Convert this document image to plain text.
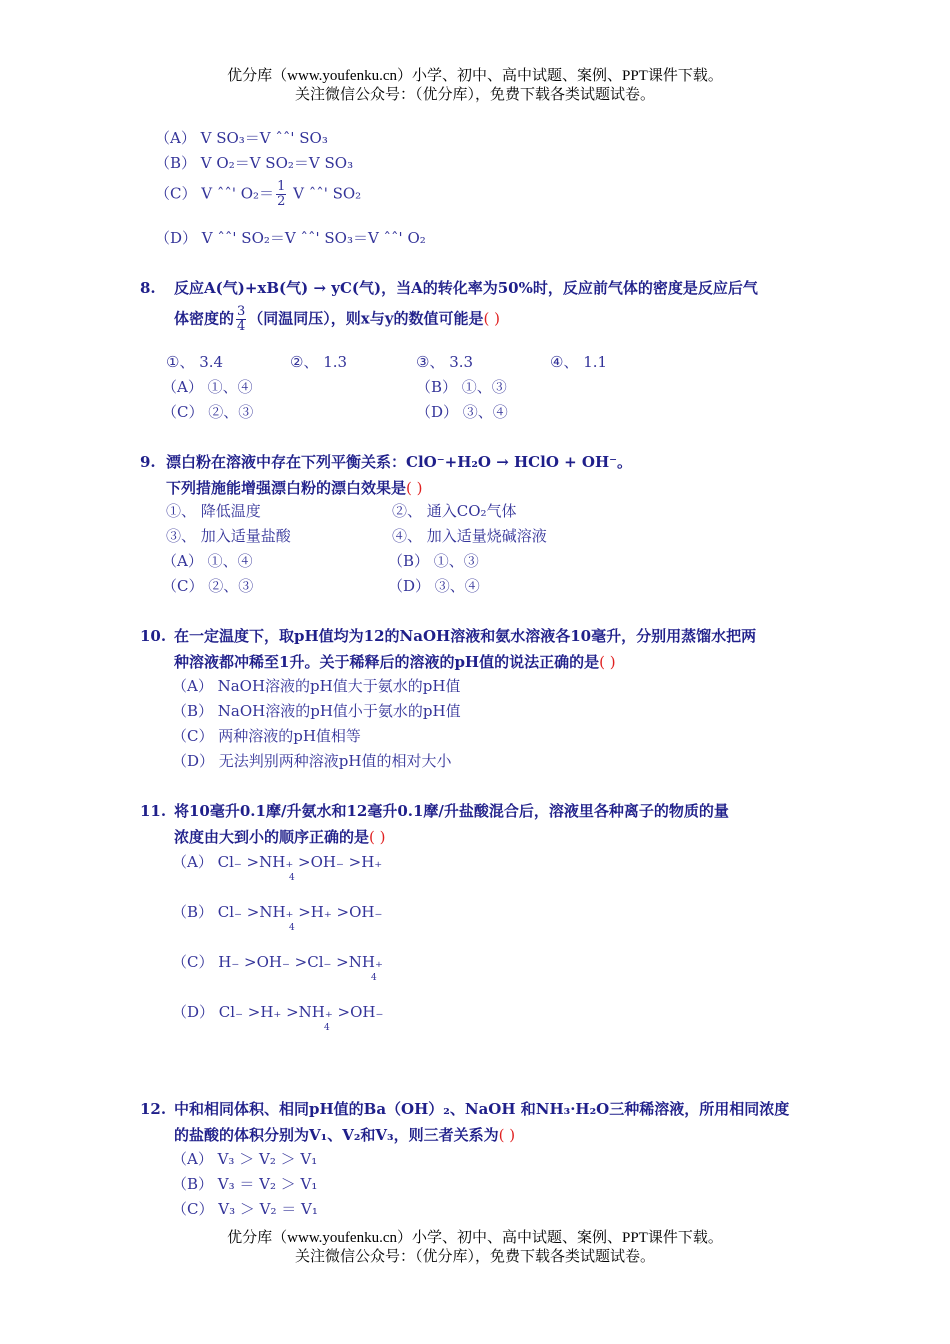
优分库（www.youfenku.cn）小学、初中、高中试题、案例、PPT课件下载。
关注微信公众号：（优分库），免费下载各类试题试卷。
（A） V SO₃＝V ˆˆ' SO₃
（B） V O₂＝V SO₂＝V SO₃
（C） V ˆˆ' $O_2= \frac{1}{2}$ V ˆˆ' SO₂
（D） V ˆˆ' SO₂＝V ˆˆ' SO₃＝V ˆˆ' O₂
8. 反应A(气)+xB(气) → yC(气)，当A的转化率为50%时，反应前气体的密度是反应后气
体密度的 $\frac{3}{4}$ （同温同压），则x与y的数值可能是( )
①、 3.4	②、 1.3	③、 3.3	④、 1.1
（A） ①、④	（B） ①、③
（C） ②、③	（D） ③、④
9. 漂白粉在溶液中存在下列平衡关系：ClO⁻+H₂O → HClO + OH⁻。
下列措施能增强漂白粉的漂白效果是( )
①、 降低温度	②、 通入CO₂气体
③、 加入适量盐酸	④、 加入适量烧碱溶液
（A） ①、④	（B） ①、③
（C） ②、③	（D） ③、④
10. 在一定温度下，取pH值均为12的NaOH溶液和氨水溶液各10毫升，分别用蒸馏水把两
种溶液都冲稀至1升。关于稀释后的溶液的pH值的说法正确的是( )
（A） NaOH溶液的pH值大于氨水的pH值
（B） NaOH溶液的pH值小于氨水的pH值
（C） 两种溶液的pH值相等
（D） 无法判别两种溶液pH值的相对大小
11. 将10毫升0.1摩/升氨水和12毫升0.1摩/升盐酸混合后，溶液里各种离子的物质的量
浓度由大到小的顺序正确的是( )
（A） Cl₋ >NH₊ >OH₋ >H₊
4
（B） Cl₋ >NH₊ >H₊ >OH₋
4
（C） H₋ >OH₋ >Cl₋ >NH₊
4
（D） Cl₋ >H₊ >NH₊ >OH₋
4
12. 中和相同体积、相同pH值的Ba（OH）₂、NaOH 和NH₃·H₂O三种稀溶液，所用相同浓度
的盐酸的体积分别为V₁、V₂和V₃，则三者关系为( )
（A） V₃ ＞ V₂ ＞ V₁
（B） V₃ ＝ V₂ ＞ V₁
（C） V₃ ＞ V₂ ＝ V₁
优分库（www.youfenku.cn）小学、初中、高中试题、案例、PPT课件下载。
关注微信公众号：（优分库），免费下载各类试题试卷。
